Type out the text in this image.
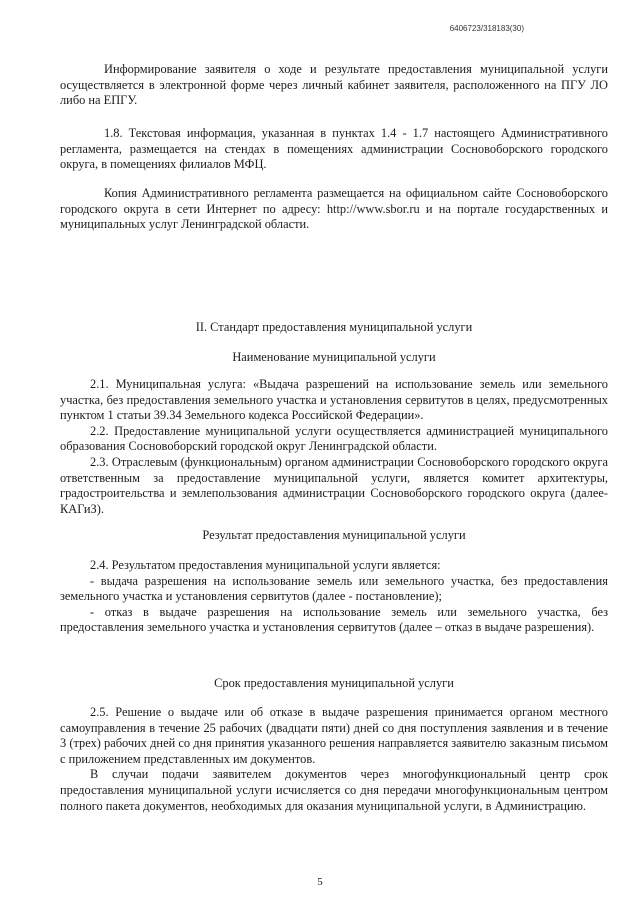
6406723/318183(30)

Информирование заявителя о ходе и результате предоставления муниципальной услуги осуществляется в электронной форме через личный кабинет заявителя, расположенного на ПГУ ЛО либо на ЕПГУ.

1.8. Текстовая информация, указанная в пунктах 1.4 - 1.7 настоящего Административного регламента, размещается на стендах в помещениях администрации Сосновоборского городского округа, в помещениях филиалов МФЦ.

Копия Административного регламента размещается на официальном сайте Сосновоборского городского округа в сети Интернет по адресу: http://www.sbor.ru и на портале государственных и муниципальных услуг Ленинградской области.

II. Стандарт предоставления муниципальной услуги
Наименование муниципальной услуги

2.1. Муниципальная услуга: «Выдача разрешений на использование земель или земельного участка, без предоставления земельного участка и установления сервитутов в целях, предусмотренных пунктом 1 статьи 39.34 Земельного кодекса Российской Федерации».

2.2. Предоставление муниципальной услуги осуществляется администрацией муниципального образования Сосновоборский городской округ Ленинградской области.

2.3. Отраслевым (функциональным) органом администрации Сосновоборского городского округа ответственным за предоставление муниципальной услуги, является комитет архитектуры, градостроительства и землепользования администрации Сосновоборского городского округа (далее-КАГиЗ).

Результат предоставления муниципальной услуги

2.4. Результатом предоставления муниципальной услуги является:

- выдача разрешения на использование земель или земельного участка, без предоставления земельного участка и установления сервитутов (далее - постановление);

- отказ в выдаче разрешения на использование земель или земельного участка, без предоставления земельного участка и установления сервитутов (далее – отказ в выдаче разрешения).

Срок предоставления муниципальной услуги

2.5. Решение о выдаче или об отказе в выдаче разрешения принимается органом местного самоуправления в течение 25 рабочих (двадцати пяти) дней со дня поступления заявления и в течение 3 (трех) рабочих дней со дня принятия указанного решения направляется заявителю заказным письмом с приложением представленных им документов.

В случаи подачи заявителем документов через многофункциональный центр срок предоставления муниципальной услуги исчисляется со дня передачи многофункциональным центром полного пакета документов, необходимых для оказания муниципальной услуги, в Администрацию.

5
